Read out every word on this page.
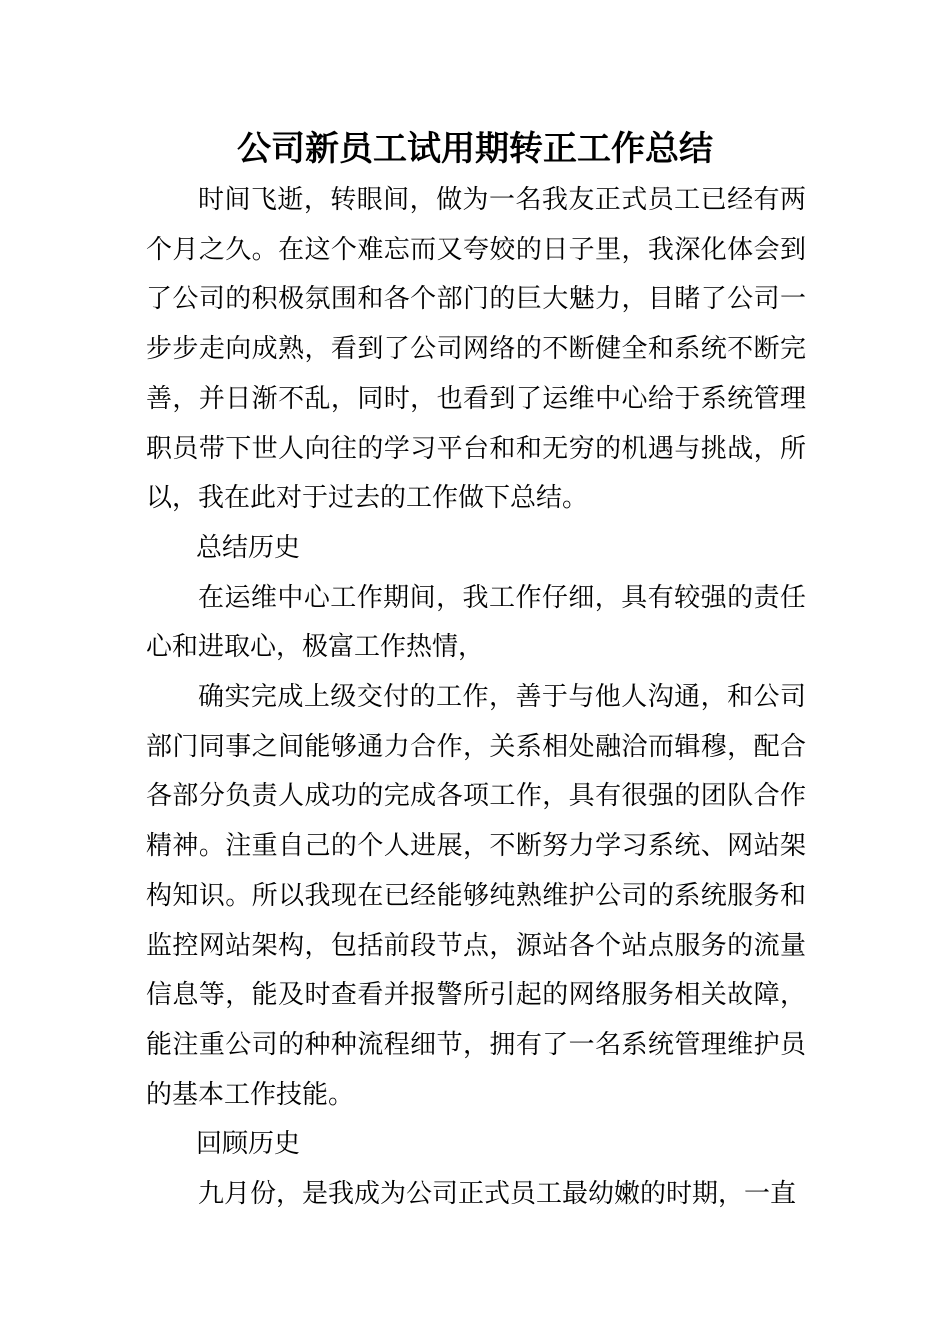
公司新员工试用期转正工作总结

时间飞逝，转眼间，做为一名我友正式员工已经有两个月之久。在这个难忘而又夸姣的日子里，我深化体会到了公司的积极氛围和各个部门的巨大魅力，目睹了公司一步步走向成熟，看到了公司网络的不断健全和系统不断完善，并日渐不乱，同时，也看到了运维中心给于系统管理职员带下世人向往的学习平台和和无穷的机遇与挑战，所以，我在此对于过去的工作做下总结。

总结历史

在运维中心工作期间，我工作仔细，具有较强的责任心和进取心，极富工作热情，

确实完成上级交付的工作，善于与他人沟通，和公司部门同事之间能够通力合作，关系相处融洽而辑穆，配合各部分负责人成功的完成各项工作，具有很强的团队合作精神。注重自己的个人进展，不断努力学习系统、网站架构知识。所以我现在已经能够纯熟维护公司的系统服务和监控网站架构，包括前段节点，源站各个站点服务的流量信息等，能及时查看并报警所引起的网络服务相关故障，能注重公司的种种流程细节，拥有了一名系统管理维护员的基本工作技能。

回顾历史

九月份，是我成为公司正式员工最幼嫩的时期，一直
